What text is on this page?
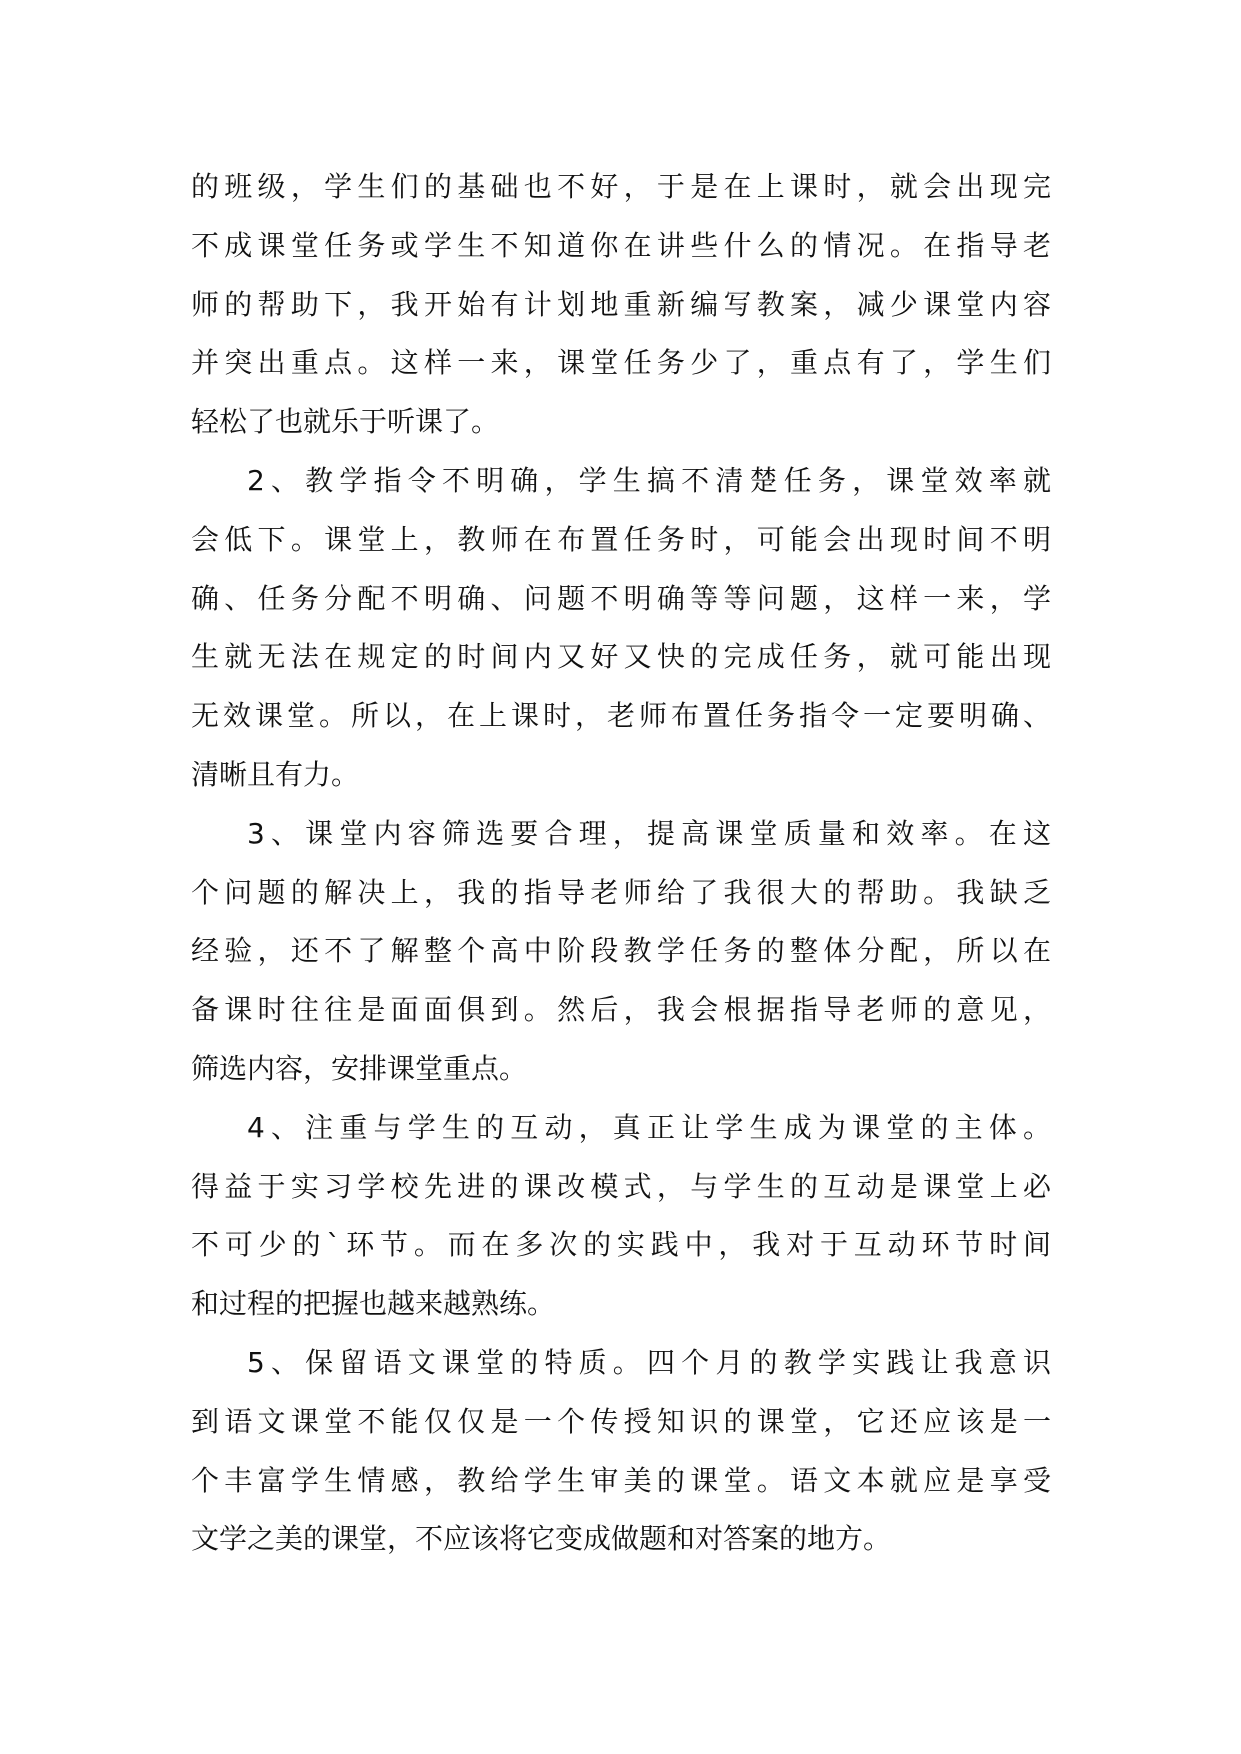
的班级，学生们的基础也不好，于是在上课时，就会出现完
不成课堂任务或学生不知道你在讲些什么的情况。在指导老
师的帮助下，我开始有计划地重新编写教案，减少课堂内容
并突出重点。这样一来，课堂任务少了，重点有了，学生们
轻松了也就乐于听课了。
2、教学指令不明确，学生搞不清楚任务，课堂效率就
会低下。课堂上，教师在布置任务时，可能会出现时间不明
确、任务分配不明确、问题不明确等等问题，这样一来，学
生就无法在规定的时间内又好又快的完成任务，就可能出现
无效课堂。所以，在上课时，老师布置任务指令一定要明确、
清晰且有力。
3、课堂内容筛选要合理，提高课堂质量和效率。在这
个问题的解决上，我的指导老师给了我很大的帮助。我缺乏
经验，还不了解整个高中阶段教学任务的整体分配，所以在
备课时往往是面面俱到。然后，我会根据指导老师的意见，
筛选内容，安排课堂重点。
4、注重与学生的互动，真正让学生成为课堂的主体。
得益于实习学校先进的课改模式，与学生的互动是课堂上必
不可少的`环节。而在多次的实践中，我对于互动环节时间
和过程的把握也越来越熟练。
5、保留语文课堂的特质。四个月的教学实践让我意识
到语文课堂不能仅仅是一个传授知识的课堂，它还应该是一
个丰富学生情感，教给学生审美的课堂。语文本就应是享受
文学之美的课堂，不应该将它变成做题和对答案的地方。
